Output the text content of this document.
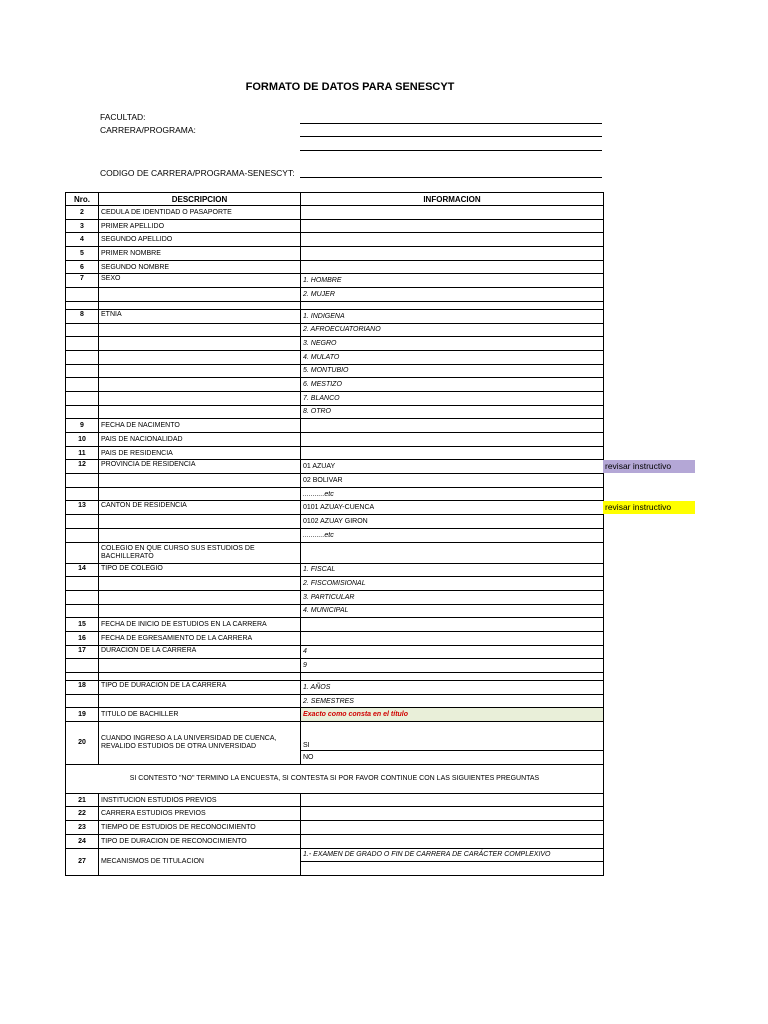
FORMATO DE DATOS PARA SENESCYT
FACULTAD:
CARRERA/PROGRAMA:
CODIGO DE CARRERA/PROGRAMA-SENESCYT:
Nro.	DESCRIPCION	INFORMACION
2	CEDULA DE IDENTIDAD O PASAPORTE	
3	PRIMER APELLIDO	
4	SEGUNDO APELLIDO	
5	PRIMER NOMBRE	
6	SEGUNDO NOMBRE	
7	SEXO	1. HOMBRE
		2. MUJER

8	ETNIA	1. INDIGENA
		2. AFROECUATORIANO
		3. NEGRO
		4. MULATO
		5. MONTUBIO
		6. MESTIZO
		7. BLANCO
		8. OTRO
9	FECHA DE NACIMENTO	
10	PAIS DE NACIONALIDAD	
11	PAIS DE RESIDENCIA	
12	PROVINCIA DE RESIDENCIA	01 AZUAY
		02 BOLIVAR
		...........etc
13	CANTON DE RESIDENCIA	0101 AZUAY-CUENCA
		0102 AZUAY GIRON
		...........etc
	COLEGIO EN QUE CURSO SUS ESTUDIOS DE BACHILLERATO	
14	TIPO DE COLEGIO	1. FISCAL
		2. FISCOMISIONAL
		3. PARTICULAR
		4. MUNICIPAL
15	FECHA DE INICIO DE ESTUDIOS EN LA CARRERA	
16	FECHA DE EGRESAMIENTO DE LA CARRERA	
17	DURACION DE LA CARRERA	4
		9

18	TIPO DE DURACION DE LA CARRERA	1. AÑOS
		2. SEMESTRES
19	TITULO DE BACHILLER	Exacto como consta en el título
20	CUANDO INGRESO A LA UNIVERSIDAD DE CUENCA, REVALIDO ESTUDIOS DE OTRA UNIVERSIDAD	SI
		NO
SI CONTESTO "NO" TERMINO LA ENCUESTA, SI CONTESTA SI POR FAVOR CONTINUE CON LAS SIGUIENTES PREGUNTAS		
21	INSTITUCION ESTUDIOS PREVIOS	
22	CARRERA ESTUDIOS PREVIOS	
23	TIEMPO DE ESTUDIOS DE RECONOCIMIENTO	
24	TIPO DE DURACION DE RECONOCIMIENTO	
27	MECANISMOS DE TITULACION	1.- EXAMEN DE GRADO O FIN DE CARRERA DE CARÁCTER COMPLEXIVO

revisar instructivo
revisar instructivo
